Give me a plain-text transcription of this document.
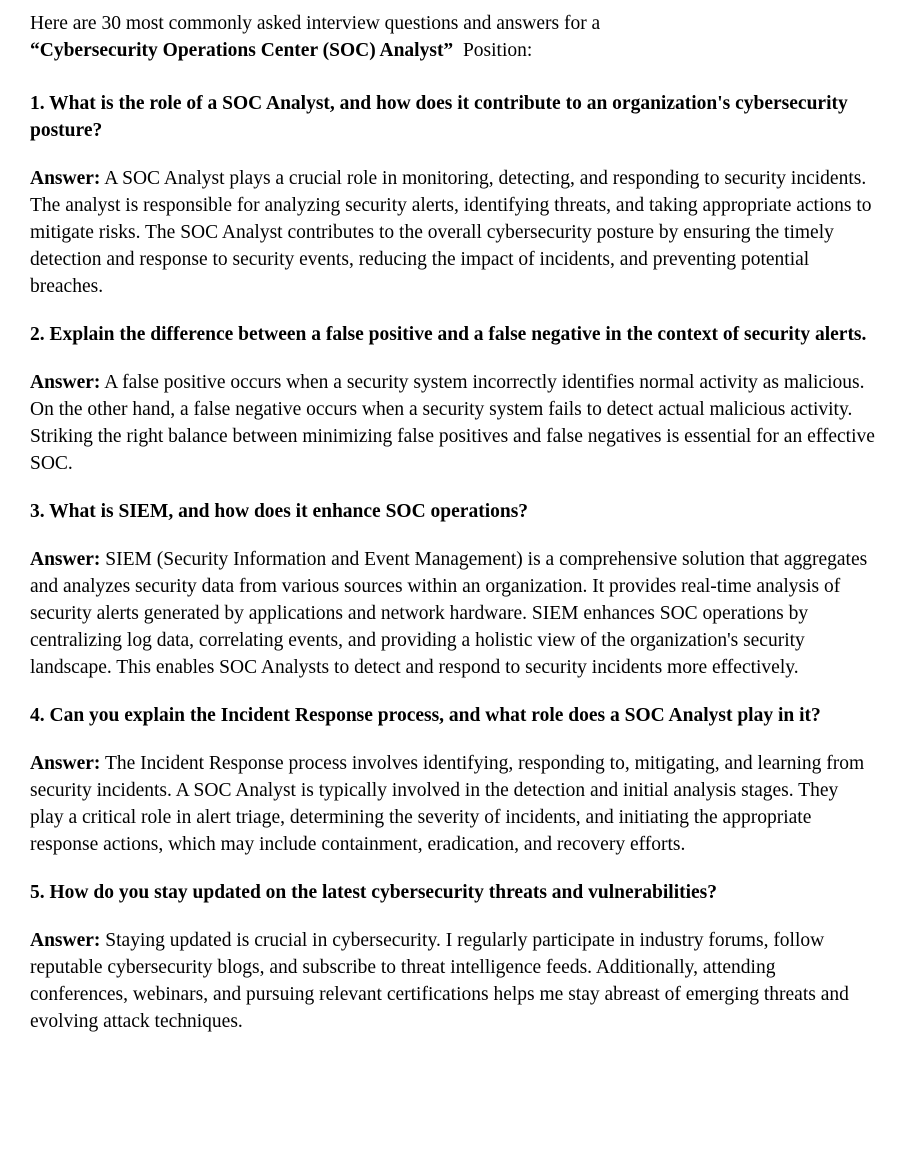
Here are 30 most commonly asked interview questions and answers for a
“Cybersecurity Operations Center (SOC) Analyst”  Position:

1. What is the role of a SOC Analyst, and how does it contribute to an organization's cybersecurity posture?

Answer: A SOC Analyst plays a crucial role in monitoring, detecting, and responding to security incidents. The analyst is responsible for analyzing security alerts, identifying threats, and taking appropriate actions to mitigate risks. The SOC Analyst contributes to the overall cybersecurity posture by ensuring the timely detection and response to security events, reducing the impact of incidents, and preventing potential breaches.

2. Explain the difference between a false positive and a false negative in the context of security alerts.

Answer: A false positive occurs when a security system incorrectly identifies normal activity as malicious. On the other hand, a false negative occurs when a security system fails to detect actual malicious activity. Striking the right balance between minimizing false positives and false negatives is essential for an effective SOC.

3. What is SIEM, and how does it enhance SOC operations?

Answer: SIEM (Security Information and Event Management) is a comprehensive solution that aggregates and analyzes security data from various sources within an organization. It provides real-time analysis of security alerts generated by applications and network hardware. SIEM enhances SOC operations by centralizing log data, correlating events, and providing a holistic view of the organization's security landscape. This enables SOC Analysts to detect and respond to security incidents more effectively.

4. Can you explain the Incident Response process, and what role does a SOC Analyst play in it?

Answer: The Incident Response process involves identifying, responding to, mitigating, and learning from security incidents. A SOC Analyst is typically involved in the detection and initial analysis stages. They play a critical role in alert triage, determining the severity of incidents, and initiating the appropriate response actions, which may include containment, eradication, and recovery efforts.

5. How do you stay updated on the latest cybersecurity threats and vulnerabilities?

Answer: Staying updated is crucial in cybersecurity. I regularly participate in industry forums, follow reputable cybersecurity blogs, and subscribe to threat intelligence feeds. Additionally, attending conferences, webinars, and pursuing relevant certifications helps me stay abreast of emerging threats and evolving attack techniques.
